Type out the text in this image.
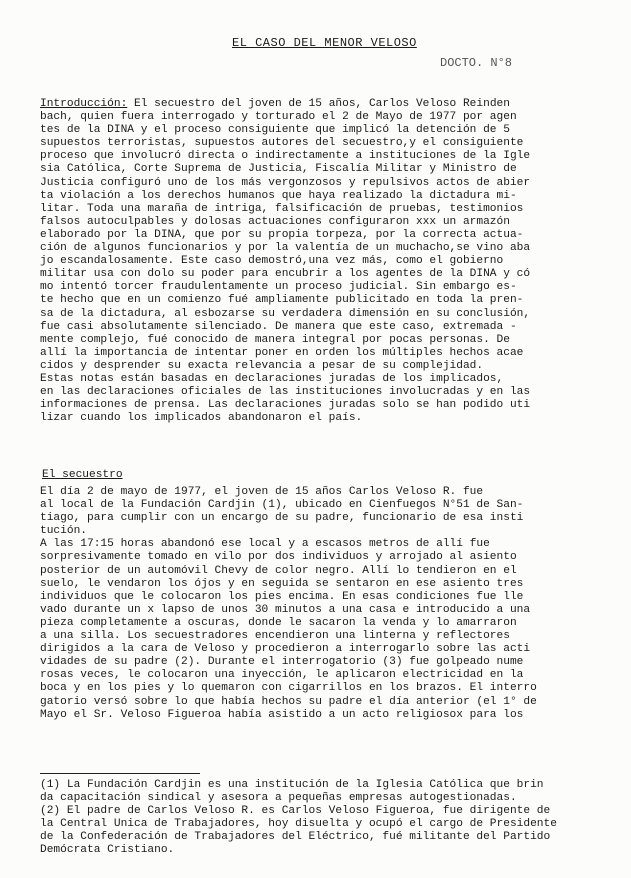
EL CASO DEL MENOR VELOSO
DOCTO. N°8

Introducción: El secuestro del joven de 15 años, Carlos Veloso Reinden

bach, quien fuera interrogado y torturado el 2 de Mayo de 1977 por agen

tes de la DINA y el proceso consiguiente que implicó la detención de 5

supuestos terroristas, supuestos autores del secuestro,y el consiguiente

proceso que involucró directa o indirectamente a instituciones de la Igle

sia Católica, Corte Suprema de Justicia, Fiscalía Militar y Ministro de

Justicia configuró uno de los más vergonzosos y repulsivos actos de abier

ta violación a los derechos humanos que haya realizado la dictadura mi-

litar. Toda una maraña de intriga, falsificación de pruebas, testimonios

falsos autoculpables y dolosas actuaciones configuraron xxx un armazón

elaborado por la DINA, que por su propia torpeza, por la correcta actua-

ción de algunos funcionarios y por la valentía de un muchacho,se vino aba

jo escandalosamente. Este caso demostró,una vez más, como el gobierno

militar usa con dolo su poder para encubrir a los agentes de la DINA y có

mo intentó torcer fraudulentamente un proceso judicial. Sin embargo es-

te hecho que en un comienzo fué ampliamente publicitado en toda la pren-

sa de la dictadura, al esbozarse su verdadera dimensión en su conclusión,

fue casi absolutamente silenciado. De manera que este caso, extremada -

mente complejo, fué conocido de manera integral por pocas personas. De

allí la importancia de intentar poner en orden los múltiples hechos acae

cidos y desprender su exacta relevancia a pesar de su complejidad.

Estas notas están basadas en declaraciones juradas de los implicados,

en las declaraciones oficiales de las instituciones involucradas y en las

informaciones de prensa. Las declaraciones juradas solo se han podido uti

lizar cuando los implicados abandonaron el país.

El secuestro

El día 2 de mayo de 1977, el joven de 15 años Carlos Veloso R. fue

al local de la Fundación Cardjin (1), ubicado en Cienfuegos N°51 de San-

tiago, para cumplir con un encargo de su padre, funcionario de esa insti

tución.

A las 17:15 horas abandonó ese local y a escasos metros de allí fue

sorpresivamente tomado en vilo por dos individuos y arrojado al asiento

posterior de un automóvil Chevy de color negro. Allí lo tendieron en el

suelo, le vendaron los ójos y en seguida se sentaron en ese asiento tres

individuos que le colocaron los pies encima. En esas condiciones fue lle

vado durante un x lapso de unos 30 minutos a una casa e introducido a una

pieza completamente a oscuras, donde le sacaron la venda y lo amarraron

a una silla. Los secuestradores encendieron una linterna y reflectores

dirigidos a la cara de Veloso y procedieron a interrogarlo sobre las acti

vidades de su padre (2). Durante el interrogatorio (3) fue golpeado nume

rosas veces, le colocaron una inyección, le aplicaron electricidad en la

boca y en los pies y lo quemaron con cigarrillos en los brazos. El interro

gatorio versó sobre lo que había hechos su padre el día anterior (el 1° de

Mayo el Sr. Veloso Figueroa había asistido a un acto religiosox para los

(1) La Fundación Cardjin es una institución de la Iglesia Católica que brin

da capacitación sindical y asesora a pequeñas empresas autogestionadas.

(2) El padre de Carlos Veloso R. es Carlos Veloso Figueroa, fue dirigente de

la Central Unica de Trabajadores, hoy disuelta y ocupó el cargo de Presidente

de la Confederación de Trabajadores del Eléctrico, fué militante del Partido

Demócrata Cristiano.
